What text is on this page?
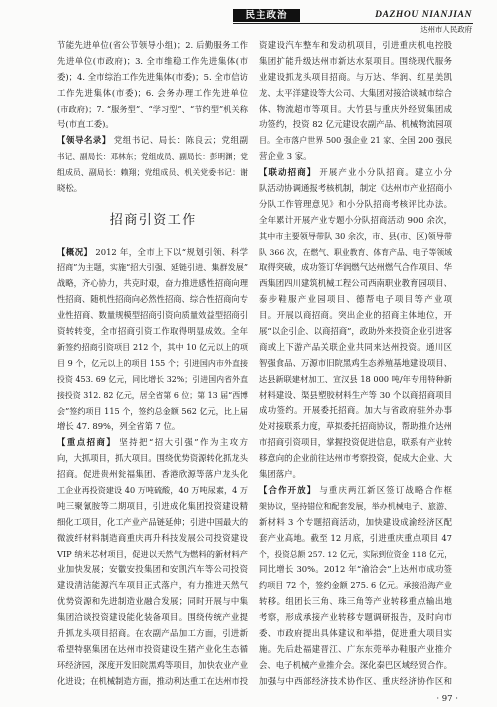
民主政治	DAZHOU NIANJIAN
达州市人民政府
节能先进单位(省公节领导小组)；2. 后勤服务工作
先进单位(市政府)；3. 全市维稳工作先进集体(市
委)；4. 全市综治工作先进集体(市委)；5. 全市信访
工作先进集体(市委)；6. 会务办理工作先进单位
(市政府)；7. “服务型”、“学习型”、“节约型”机关称
号(市直工委)。
【领导名录】 党组书记、局长：陈良云；党组副
书记、副局长：邓林东；党组成员、副局长：彭明渊；党
组成员、副局长：赖翔；党组成员、机关党委书记：谢
晓松。
招商引资工作
【概况】 2012 年，全市上下以“规划引领、科学
招商”为主题，实施“招大引强、延链引进、集群发展”
战略，齐心协力，共克时艰，奋力推进感性招商向理
性招商、随机性招商向必然性招商、综合性招商向专
业性招商、数量规模型招商引资向质量效益型招商引
资转转变，全市招商引资工作取得明显成效。全年
新签约招商引资项目 212 个，其中 10 亿元以上的项
目 9 个，亿元以上的项目 155 个；引进国内市外直接
投资 453. 69 亿元，同比增长 32%；引进国内省外直
接投资 312. 82 亿元，居全省第 6 位；第 13 届“西博
会”签约项目 115 个，签约总金额 562 亿元，比上届
增长 47. 89%，列全省第 7 位。
【重点招商】 坚持把“招大引强”作为主攻方
向，大抓项目，抓大项目。围绕优势资源转化抓龙头
招商。促进贵州瓮福集团、香港欣源等落户龙头化
工企业再投资建设 40 万吨硫酸，40 万吨尿素，4 万
吨三聚氰胺等二期项目，引进成化集团投资建设精
细化工项目，化工产业产品链延伸；引进中国最大的
微波纤材料制造商重庆再升科技发展公司投资建设
VIP 纳米芯材项目，促进以天然气为燃料的新材料产
业加快发展；安徽安投集团和安凯汽车等公司投资
建设清洁能源汽车项目正式落户，有力推进天然气
优势资源和先进制造业融合发展；同时开展与中集
集团洽谈投资建设能化装备项目。围绕传统产业提
升抓龙头项目招商。在农副产品加工方面，引进新
希望特驱集团在达州市投资建设生猪产业化生态循
环经济园，深度开发旧院黑鸡等项目，加快农业产业
化进设；在机械制造方面，推动利达重工在达州市投
资建设汽车整车和发动机项目，引进重庆机电控股
集团扩能升级达州市新达水泵项目。围绕现代服务
业建设抓龙头项目招商。与万达、华润、红星美凯
龙、太平洋建设等大公司、大集团对接洽谈城市综合
体、物流超市等项目。大竹县与重庆外经贸集团成
功签约，投资 82 亿元建设农副产品、机械物流园项
目。全市落户世界 500 强企业 21 家、全国 200 强民
营企业 3 家。
【联动招商】 开展产业小分队招商。建立小分
队活动协调通报考核机制，制定《达州市产业招商小
分队工作管理意见》和小分队招商考核评比办法。
全年累计开展产业专题小分队招商活动 900 余次，
其中市主要领导带队 30 余次，市、县(市、区)领导带
队 366 次，在燃气、职业教育、体育产品、电子等领域
取得突破，成功签订华润燃气达州燃气合作项目、华
西集团四川建筑机械工程公司西南职业教育园项目、
泰步鞋服产业园项目、德帮电子项目等产业项
目。开展以商招商。突出企业的招商主体地位，开
展“以企引企、以商招商”，政助外来投资企业引进客
商或上下游产品关联企业共同来达州投资。通川区
智强食品、万源市旧院黑鸡生态养殖基地建设项目、
达县新联建材加工、宣汉县 18 000 吨/年专用特种新
材料建设、渠县塑胶材料生产等 30 个以商招商项目
成功签约。开展委托招商。加大与省政府驻外办事
处对接联系力度，草拟委托招商协议，帮助推介达州
市招商引资项目，掌握投资促进信息，联系有产业转
移意向的企业前往达州市考察投资，促成大企业、大
集团落户。
【合作开放】 与重庆两江新区签订战略合作框
架协议，坚持错位和配套发展，举办机械电子、旅游、
新材料 3 个专题招商活动，加快建设成渝经济区配
套产业高地。截至 12 月底，引进重庆重点项目 47
个，投资总额 257. 12 亿元，实际到位资金 118 亿元，
同比增长 30%。2012 年“渝洽会”上达州市成功签
约项目 72 个，签约金额 275. 6 亿元。承接沿海产业
转移。组团长三角、珠三角等产业转移重点输出地
考察，形成承接产业转移专题调研报告，及时向市
委、市政府提出具体建议和举措，促进重大项目实
施。先后赴福建晋江、广东东莞举办鞋服产业推介
会、电子机械产业推介会。深化秦巴区域经贸合作。
加强与中西部经济技术协作区、重庆经济协作区和
· 97 ·
